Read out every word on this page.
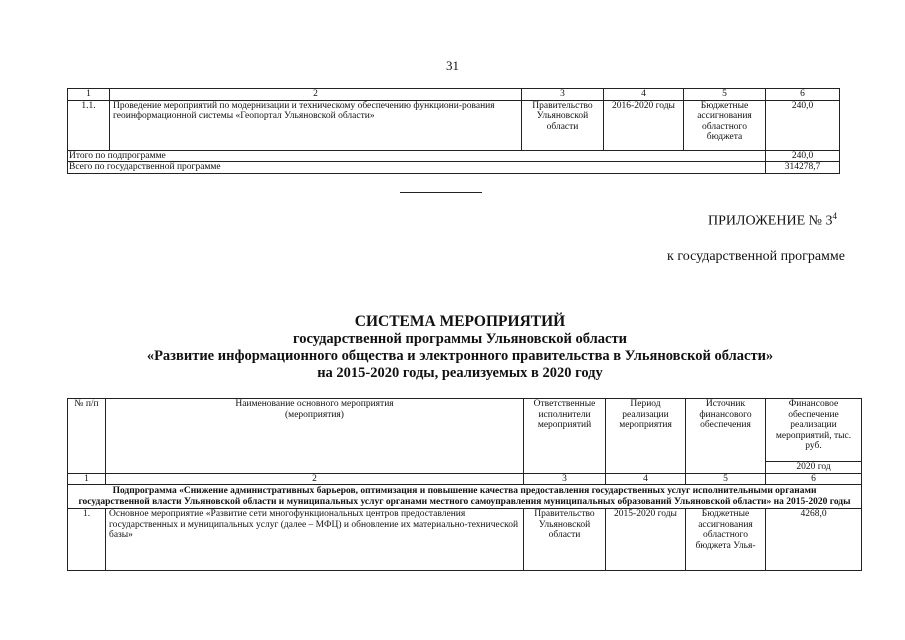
31
1	2	3	4	5	6
1.1.	Проведение мероприятий по модернизации и техническому обеспечению функциони-рования геоинформационной системы «Геопортал Ульяновской области»	Правительство Ульяновской области	2016-2020 годы	Бюджетные ассигнования областного бюджета	240,0
Итого по подпрограмме					240,0
Всего по государственной программе					314278,7
ПРИЛОЖЕНИЕ № $3^4$
к государственной программе
СИСТЕМА МЕРОПРИЯТИЙ
государственной программы Ульяновской области
«Развитие информационного общества и электронного правительства в Ульяновской области»
на 2015-2020 годы, реализуемых в 2020 году
№ п/п	Наименование основного мероприятия (мероприятия)	Ответственные исполнители мероприятий	Период реализации мероприятия	Источник финансового обеспечения	Финансовое обеспечение реализации мероприятий, тыс. руб.
					2020 год
1	2	3	4	5	6
Подпрограмма «Снижение административных барьеров, оптимизация и повышение качества предоставления государственных услуг исполнительными органами государственной власти Ульяновской области и муниципальных услуг органами местного самоуправления муниципальных образований Ульяновской области» на 2015-2020 годы					
1.	Основное мероприятие «Развитие сети многофункциональных центров предоставления государственных и муниципальных услуг (далее – МФЦ) и обновление их материально-технической базы»	Правительство Ульяновской области	2015-2020 годы	Бюджетные ассигнования областного бюджета Улья-	4268,0
